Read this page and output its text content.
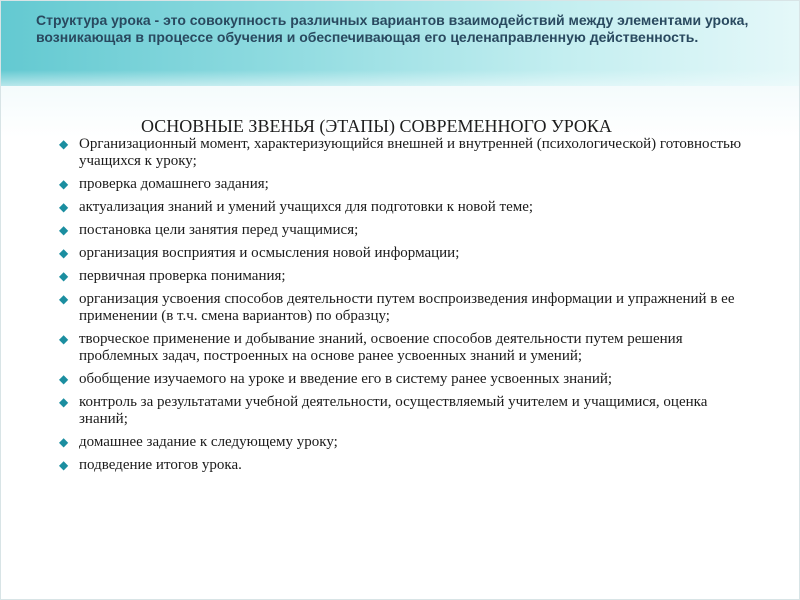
Структура урока - это совокупность различных вариантов взаимодействий между элементами урока, возникающая в процессе обучения и обеспечивающая его целенаправленную действенность.
ОСНОВНЫЕ ЗВЕНЬЯ (ЭТАПЫ) СОВРЕМЕННОГО УРОКА
◆ Организационный момент, характеризующийся внешней и внутренней (психологической) готовностью учащихся к уроку;
◆ проверка домашнего задания;
◆ актуализация знаний и умений учащихся для подготовки к новой теме;
◆ постановка цели занятия перед учащимися;
◆ организация восприятия и осмысления новой информации;
◆ первичная проверка понимания;
◆ организация усвоения способов деятельности путем воспроизведения информации и упражнений в ее применении (в т.ч. смена вариантов) по образцу;
◆ творческое применение и добывание знаний, освоение способов деятельности путем решения проблемных задач, построенных на основе ранее усвоенных знаний и умений;
◆ обобщение изучаемого на уроке и введение его в систему ранее усвоенных знаний;
◆ контроль за результатами учебной деятельности, осуществляемый учителем и учащимися, оценка знаний;
◆ домашнее задание к следующему уроку;
◆ подведение итогов урока.
